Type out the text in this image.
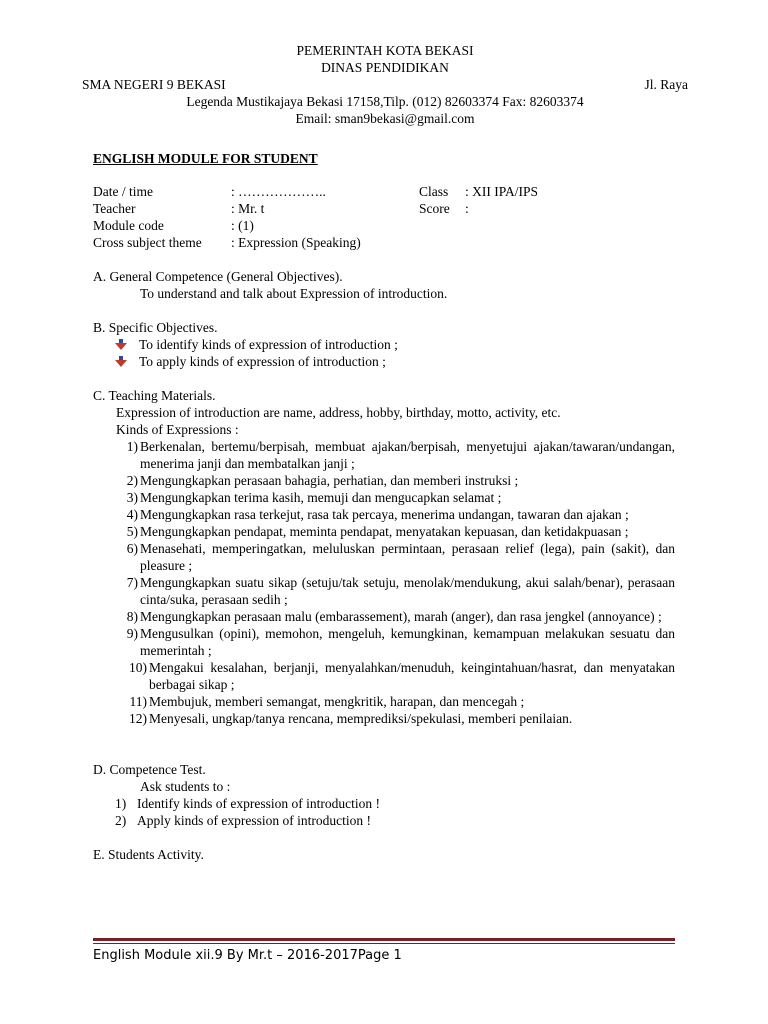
PEMERINTAH KOTA BEKASI
DINAS PENDIDIKAN
SMA NEGERI 9 BEKASI	Jl. Raya
Legenda Mustikajaya Bekasi 17158,Tilp. (012) 82603374 Fax: 82603374
Email: sman9bekasi@gmail.com
ENGLISH MODULE FOR STUDENT
Date / time	: ………………..	Class	: XII IPA/IPS
Teacher	: Mr. t	Score	:
Module code	: (1)
Cross subject theme	: Expression (Speaking)
A. General Competence (General Objectives).
To understand and talk about Expression of introduction.
B. Specific Objectives.
To identify kinds of expression of introduction ;
To apply kinds of expression of introduction ;
C. Teaching Materials.
Expression of introduction are name, address, hobby, birthday, motto, activity, etc.
Kinds of Expressions :
1) Berkenalan, bertemu/berpisah, membuat ajakan/berpisah, menyetujui ajakan/tawaran/undangan, menerima janji dan membatalkan janji ;
2) Mengungkapkan perasaan bahagia, perhatian, dan memberi instruksi ;
3) Mengungkapkan terima kasih, memuji dan mengucapkan selamat ;
4) Mengungkapkan rasa terkejut, rasa tak percaya, menerima undangan, tawaran dan ajakan ;
5) Mengungkapkan pendapat, meminta pendapat, menyatakan kepuasan, dan ketidakpuasan ;
6) Menasehati, memperingatkan, meluluskan permintaan, perasaan relief (lega), pain (sakit), dan pleasure ;
7) Mengungkapkan suatu sikap (setuju/tak setuju, menolak/mendukung, akui salah/benar), perasaan cinta/suka, perasaan sedih ;
8) Mengungkapkan perasaan malu (embarassement), marah (anger), dan rasa jengkel (annoyance) ;
9) Mengusulkan (opini), memohon, mengeluh, kemungkinan, kemampuan melakukan sesuatu dan memerintah ;
10) Mengakui kesalahan, berjanji, menyalahkan/menuduh, keingintahuan/hasrat, dan menyatakan berbagai sikap ;
11) Membujuk, memberi semangat, mengkritik, harapan, dan mencegah ;
12) Menyesali, ungkap/tanya rencana, memprediksi/spekulasi, memberi penilaian.
D. Competence Test.
Ask students to :
1) Identify kinds of expression of introduction !
2) Apply kinds of expression of introduction !
E. Students Activity.
English Module xii.9 By Mr.t – 2016-2017Page 1
